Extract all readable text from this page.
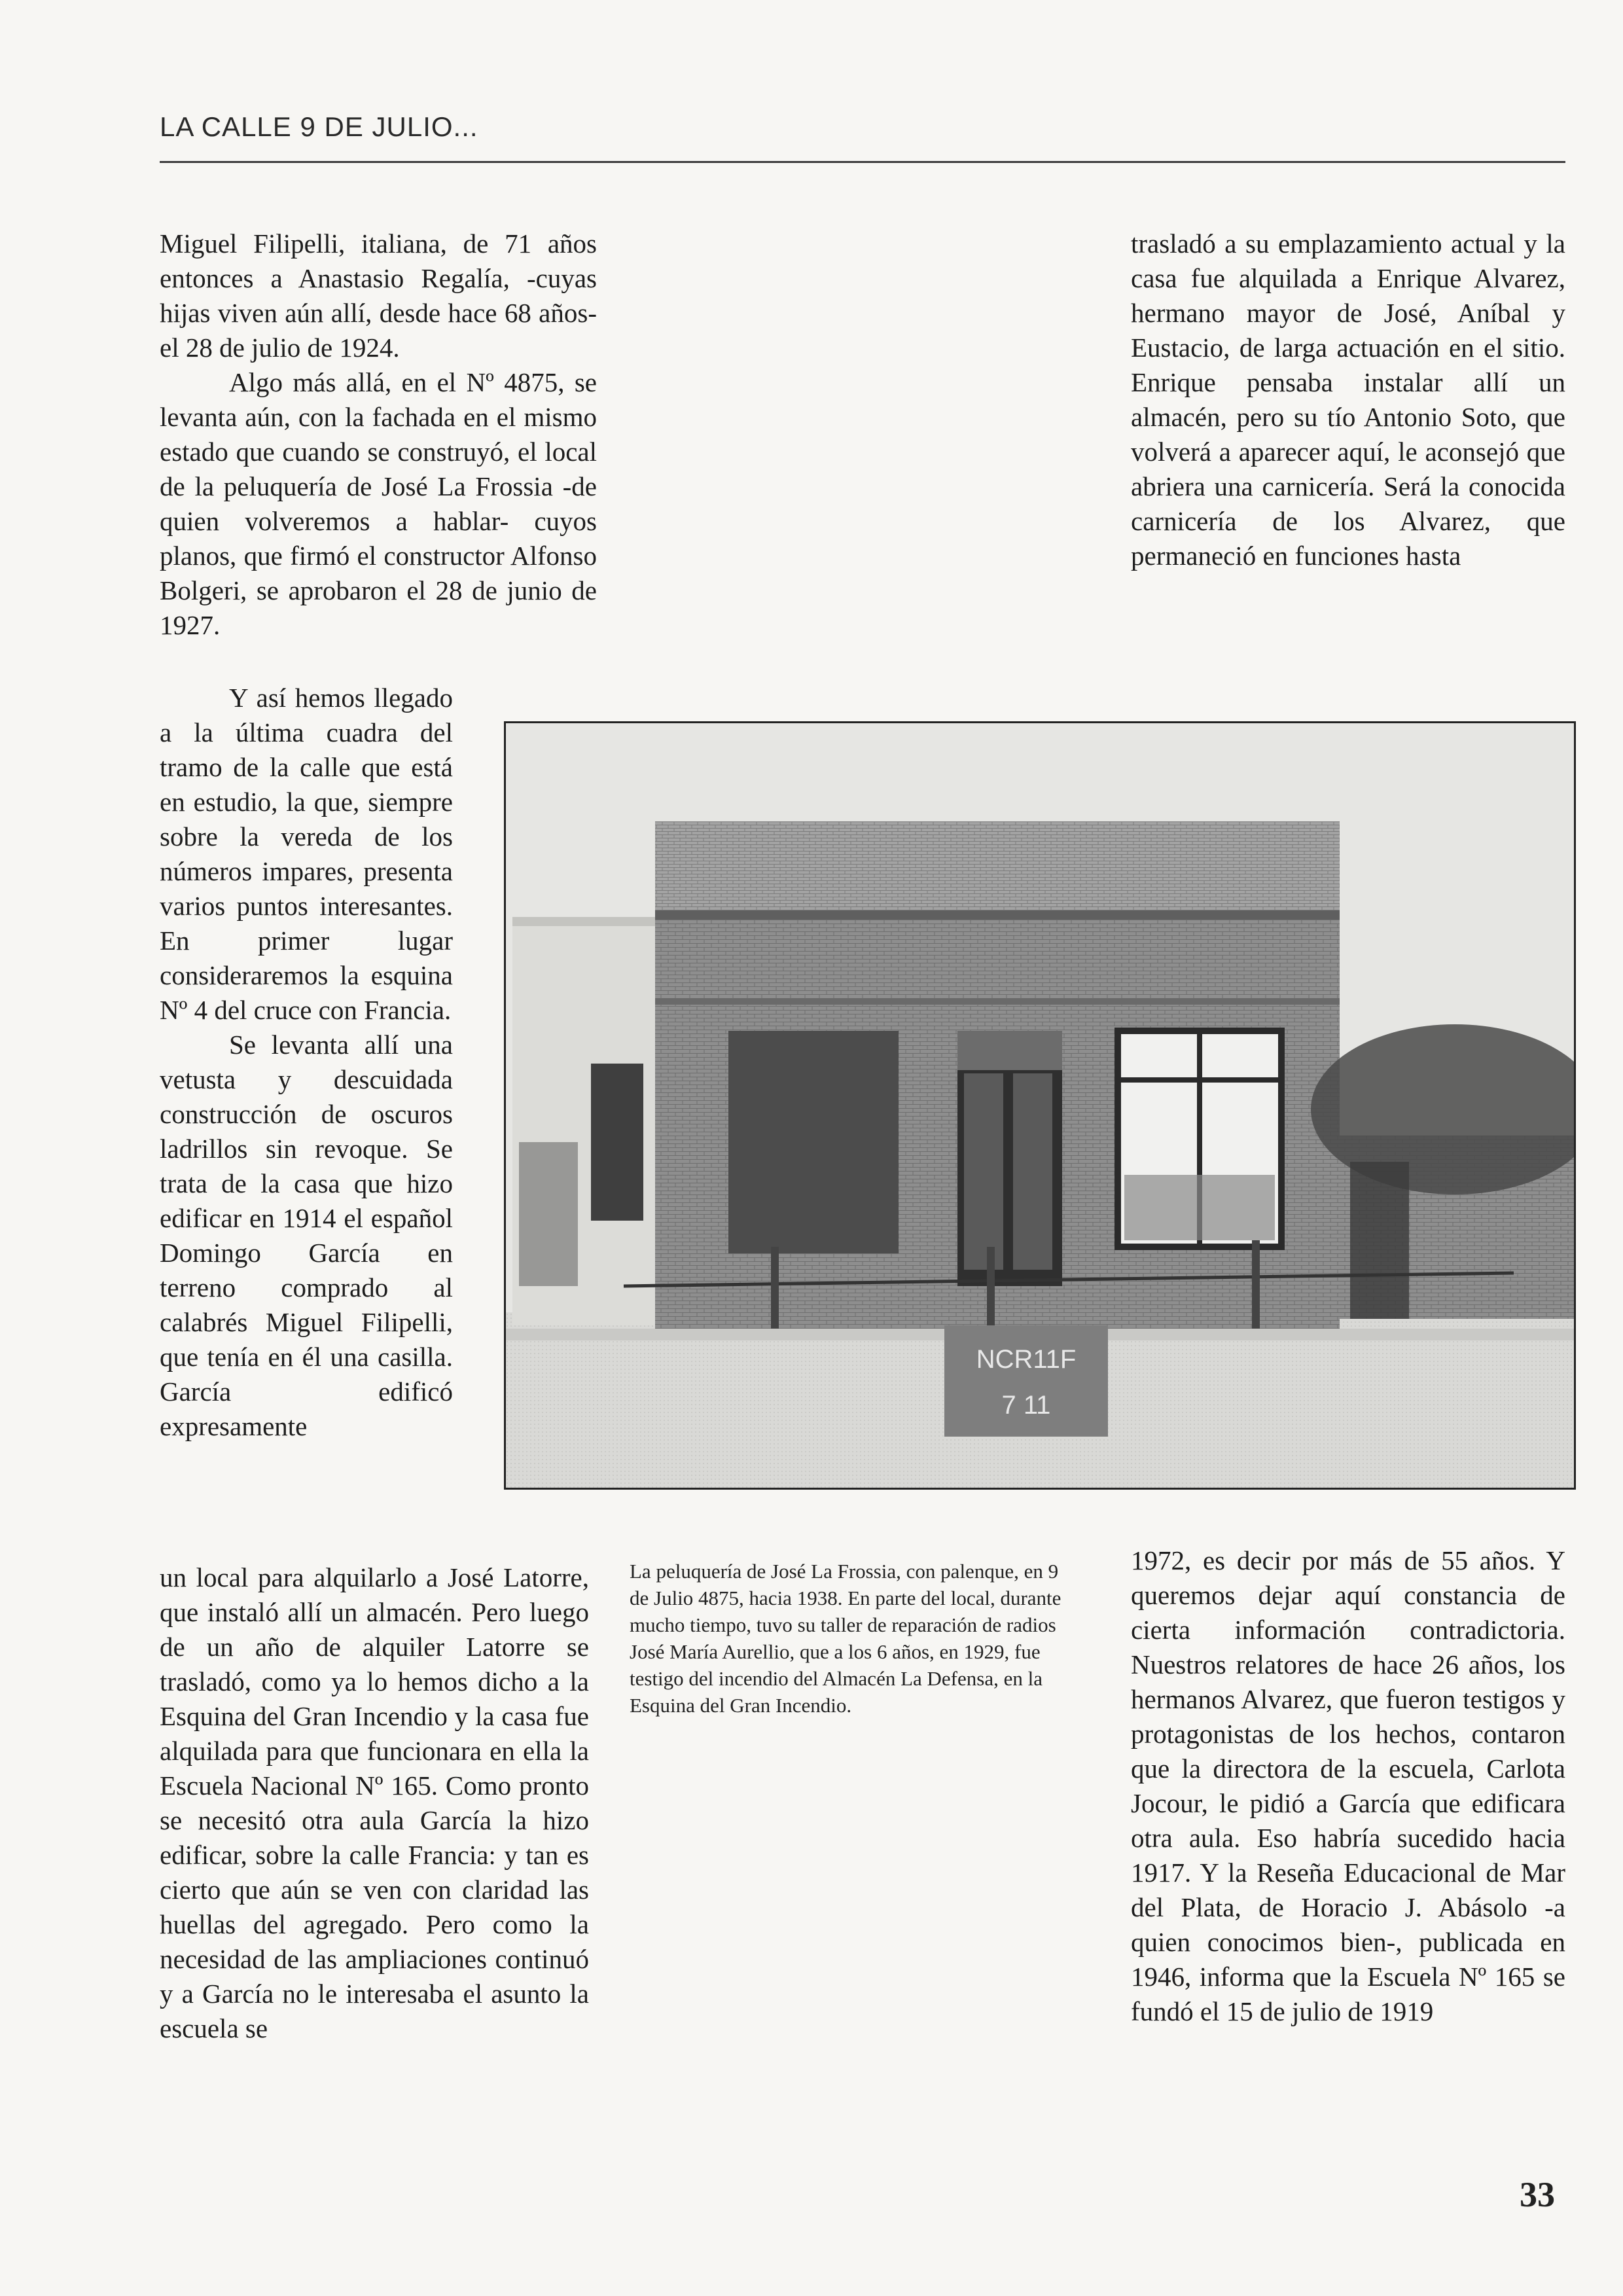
LA CALLE 9 DE JULIO...

Miguel Filipelli, italiana, de 71 años entonces a Anastasio Regalía, -cuyas hijas viven aún allí, desde hace 68 años- el 28 de julio de 1924.

Algo más allá, en el Nº 4875, se levanta aún, con la fachada en el mismo estado que cuando se construyó, el local de la peluquería de José La Frossia -de quien volveremos a hablar- cuyos planos, que firmó el constructor Alfonso Bolgeri, se aprobaron el 28 de junio de 1927.

Y así hemos llegado a la última cuadra del tramo de la calle que está en estudio, la que, siempre sobre la vereda de los números impares, presenta varios puntos interesantes. En primer lugar consideraremos la esquina Nº 4 del cruce con Francia.

Se levanta allí una vetusta y descuidada construcción de oscuros ladrillos sin revoque. Se trata de la casa que hizo edificar en 1914 el español Domingo García en terreno comprado al calabrés Miguel Filipelli, que tenía en él una casilla. García edificó expresamente

un local para alquilarlo a José Latorre, que instaló allí un almacén. Pero luego de un año de alquiler Latorre se trasladó, como ya lo hemos dicho a la Esquina del Gran Incendio y la casa fue alquilada para que funcionara en ella la Escuela Nacional Nº 165. Como pronto se necesitó otra aula García la hizo edificar, sobre la calle Francia: y tan es cierto que aún se ven con claridad las huellas del agregado. Pero como la necesidad de las ampliaciones continuó y a García no le interesaba el asunto la escuela se

trasladó a su emplazamiento actual y la casa fue alquilada a Enrique Alvarez, hermano mayor de José, Aníbal y Eustacio, de larga actuación en el sitio. Enrique pensaba instalar allí un almacén, pero su tío Antonio Soto, que volverá a aparecer aquí, le aconsejó que abriera una carnicería. Será la conocida carnicería de los Alvarez, que permaneció en funciones hasta

1972, es decir por más de 55 años. Y queremos dejar aquí constancia de cierta información contradictoria. Nuestros relatores de hace 26 años, los hermanos Alvarez, que fueron testigos y protagonistas de los hechos, contaron que la directora de la escuela, Carlota Jocour, le pidió a García que edificara otra aula. Eso habría sucedido hacia 1917. Y la Reseña Educacional de Mar del Plata, de Horacio J. Abásolo -a quien conocimos bien-, publicada en 1946, informa que la Escuela Nº 165 se fundó el 15 de julio de 1919

NCR11F
7 11
La peluquería de José La Frossia, con palenque, en 9 de Julio 4875, hacia 1938. En parte del local, durante mucho tiempo, tuvo su taller de reparación de radios José María Aurellio, que a los 6 años, en 1929, fue testigo del incendio del Almacén La Defensa, en la Esquina del Gran Incendio.
33
